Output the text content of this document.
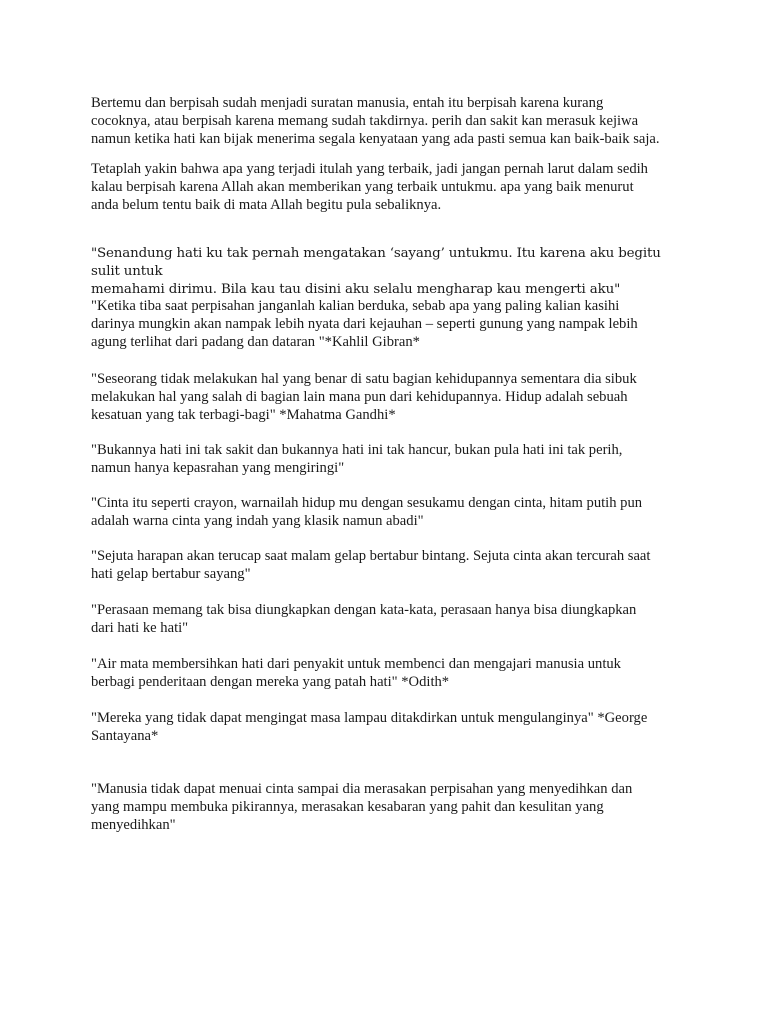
Bertemu dan berpisah sudah menjadi suratan manusia, entah itu berpisah karena kurang
cocoknya, atau berpisah karena memang sudah takdirnya. perih dan sakit kan merasuk kejiwa
namun ketika hati kan bijak menerima segala kenyataan yang ada pasti semua kan baik-baik saja.

Tetaplah yakin bahwa apa yang terjadi itulah yang terbaik, jadi jangan pernah larut dalam sedih
kalau berpisah karena Allah akan memberikan yang terbaik untukmu. apa yang baik menurut
anda belum tentu baik di mata Allah begitu pula sebaliknya.

"Senandung hati ku tak pernah mengatakan ‘sayang’ untukmu. Itu karena aku begitu sulit untuk
memahami dirimu. Bila kau tau disini aku selalu mengharap kau mengerti aku"

"Ketika tiba saat perpisahan janganlah kalian berduka, sebab apa yang paling kalian kasihi
darinya mungkin akan nampak lebih nyata dari kejauhan – seperti gunung yang nampak lebih
agung terlihat dari padang dan dataran "*Kahlil Gibran*

"Seseorang tidak melakukan hal yang benar di satu bagian kehidupannya sementara dia sibuk
melakukan hal yang salah di bagian lain mana pun dari kehidupannya. Hidup adalah sebuah
kesatuan yang tak terbagi-bagi" *Mahatma Gandhi*

"Bukannya hati ini tak sakit dan bukannya hati ini tak hancur, bukan pula hati ini tak perih,
namun hanya kepasrahan yang mengiringi"

"Cinta itu seperti crayon, warnailah hidup mu dengan sesukamu dengan cinta, hitam putih pun
adalah warna cinta yang indah yang klasik namun abadi"

"Sejuta harapan akan terucap saat malam gelap bertabur bintang. Sejuta cinta akan tercurah saat
hati gelap bertabur sayang"

"Perasaan memang tak bisa diungkapkan dengan kata-kata, perasaan hanya bisa diungkapkan
dari hati ke hati"

"Air mata membersihkan hati dari penyakit untuk membenci dan mengajari manusia untuk
berbagi penderitaan dengan mereka yang patah hati" *Odith*

"Mereka yang tidak dapat mengingat masa lampau ditakdirkan untuk mengulanginya" *George
Santayana*

"Manusia tidak dapat menuai cinta sampai dia merasakan perpisahan yang menyedihkan dan
yang mampu membuka pikirannya, merasakan kesabaran yang pahit dan kesulitan yang
menyedihkan"
